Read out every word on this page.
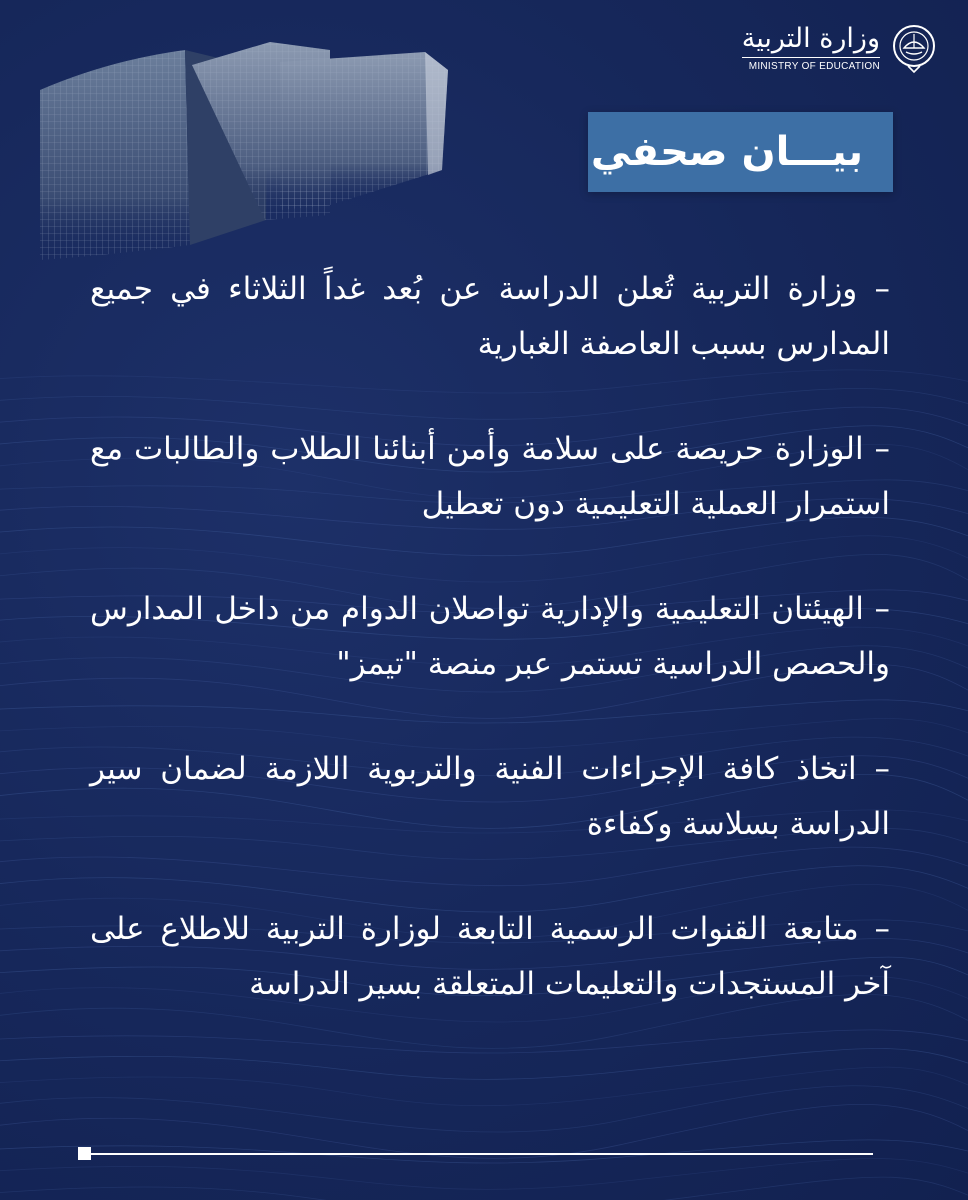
وزارة التربية
MINISTRY OF EDUCATION
بيـــان صحفي

– وزارة التربية تُعلن الدراسة عن بُعد غداً الثلاثاء في جميع المدارس بسبب العاصفة الغبارية

– الوزارة حريصة على سلامة وأمن أبنائنا الطلاب والطالبات مع استمرار العملية التعليمية دون تعطيل

– الهيئتان التعليمية والإدارية تواصلان الدوام من داخل المدارس والحصص الدراسية تستمر عبر منصة "تيمز"

– اتخاذ كافة الإجراءات الفنية والتربوية اللازمة لضمان سير الدراسة بسلاسة وكفاءة

– متابعة القنوات الرسمية التابعة لوزارة التربية للاطلاع على آخر المستجدات والتعليمات المتعلقة بسير الدراسة
